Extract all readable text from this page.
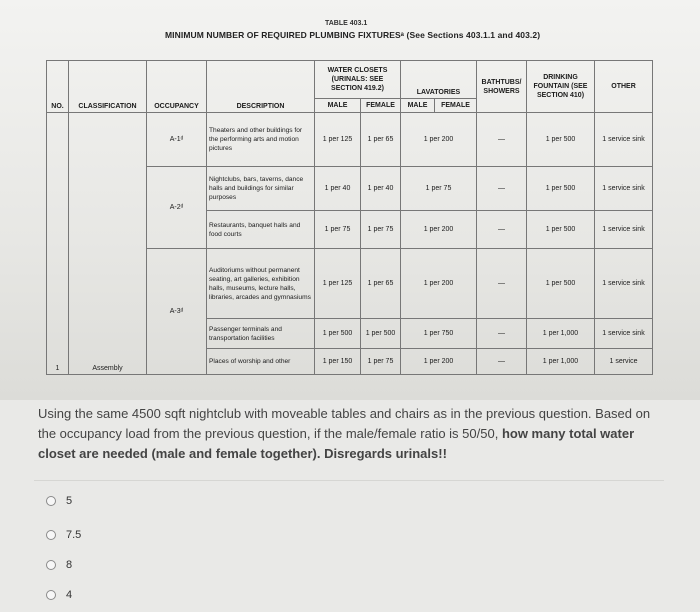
TABLE 403.1
MINIMUM NUMBER OF REQUIRED PLUMBING FIXTURESᵃ (See Sections 403.1.1 and 403.2)
NO.	CLASSIFICATION	OCCUPANCY	DESCRIPTION	WATER CLOSETS (URINALS: SEE SECTION 419.2)		LAVATORIES		BATHTUBS/ SHOWERS	DRINKING FOUNTAIN (SEE SECTION 410)	OTHER
				MALE	FEMALE	MALE	FEMALE			
1	Assembly	A-1ᵈ	Theaters and other buildings for the performing arts and motion pictures	1 per 125	1 per 65	1 per 200		—	1 per 500	1 service sink
		A-2ᵈ	Nightclubs, bars, taverns, dance halls and buildings for similar purposes	1 per 40	1 per 40	1 per 75		—	1 per 500	1 service sink
			Restaurants, banquet halls and food courts	1 per 75	1 per 75	1 per 200		—	1 per 500	1 service sink
		A-3ᵈ	Auditoriums without permanent seating, art galleries, exhibition halls, museums, lecture halls, libraries, arcades and gymnasiums	1 per 125	1 per 65	1 per 200		—	1 per 500	1 service sink
			Passenger terminals and transportation facilities	1 per 500	1 per 500	1 per 750		—	1 per 1,000	1 service sink
			Places of worship and other	1 per 150	1 per 75	1 per 200		—	1 per 1,000	1 service
Using the same 4500 sqft nightclub with moveable tables and chairs as in the previous question. Based on the occupancy load from the previous question, if the male/female ratio is 50/50, how many total water closet are needed (male and female together). Disregards urinals!!
5
7.5
8
4
